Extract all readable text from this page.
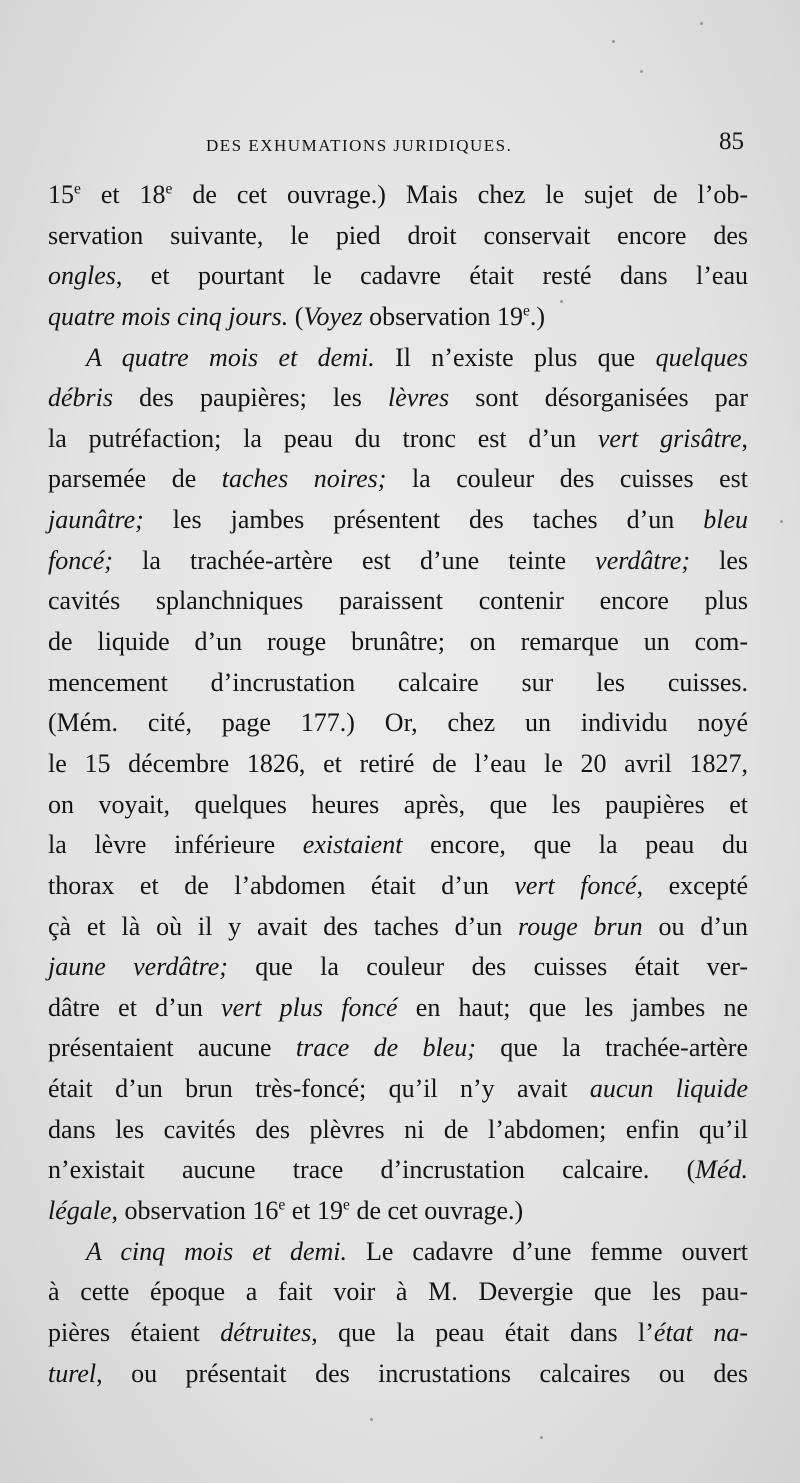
DES EXHUMATIONS JURIDIQUES.	85
15e et 18e de cet ouvrage.) Mais chez le sujet de l’ob-
servation suivante, le pied droit conservait encore des
ongles, et pourtant le cadavre était resté dans l’eau
quatre mois cinq jours. (Voyez observation 19e.)
A quatre mois et demi. Il n’existe plus que quelques
débris des paupières; les lèvres sont désorganisées par
la putréfaction; la peau du tronc est d’un vert grisâtre,
parsemée de taches noires; la couleur des cuisses est
jaunâtre; les jambes présentent des taches d’un bleu
foncé; la trachée-artère est d’une teinte verdâtre; les
cavités splanchniques paraissent contenir encore plus
de liquide d’un rouge brunâtre; on remarque un com-
mencement d’incrustation calcaire sur les cuisses.
(Mém. cité, page 177.) Or, chez un individu noyé
le 15 décembre 1826, et retiré de l’eau le 20 avril 1827,
on voyait, quelques heures après, que les paupières et
la lèvre inférieure existaient encore, que la peau du
thorax et de l’abdomen était d’un vert foncé, excepté
çà et là où il y avait des taches d’un rouge brun ou d’un
jaune verdâtre; que la couleur des cuisses était ver-
dâtre et d’un vert plus foncé en haut; que les jambes ne
présentaient aucune trace de bleu; que la trachée-artère
était d’un brun très-foncé; qu’il n’y avait aucun liquide
dans les cavités des plèvres ni de l’abdomen; enfin qu’il
n’existait aucune trace d’incrustation calcaire. (Méd.
légale, observation 16e et 19e de cet ouvrage.)
A cinq mois et demi. Le cadavre d’une femme ouvert
à cette époque a fait voir à M. Devergie que les pau-
pières étaient détruites, que la peau était dans l’état na-
turel, ou présentait des incrustations calcaires ou des
